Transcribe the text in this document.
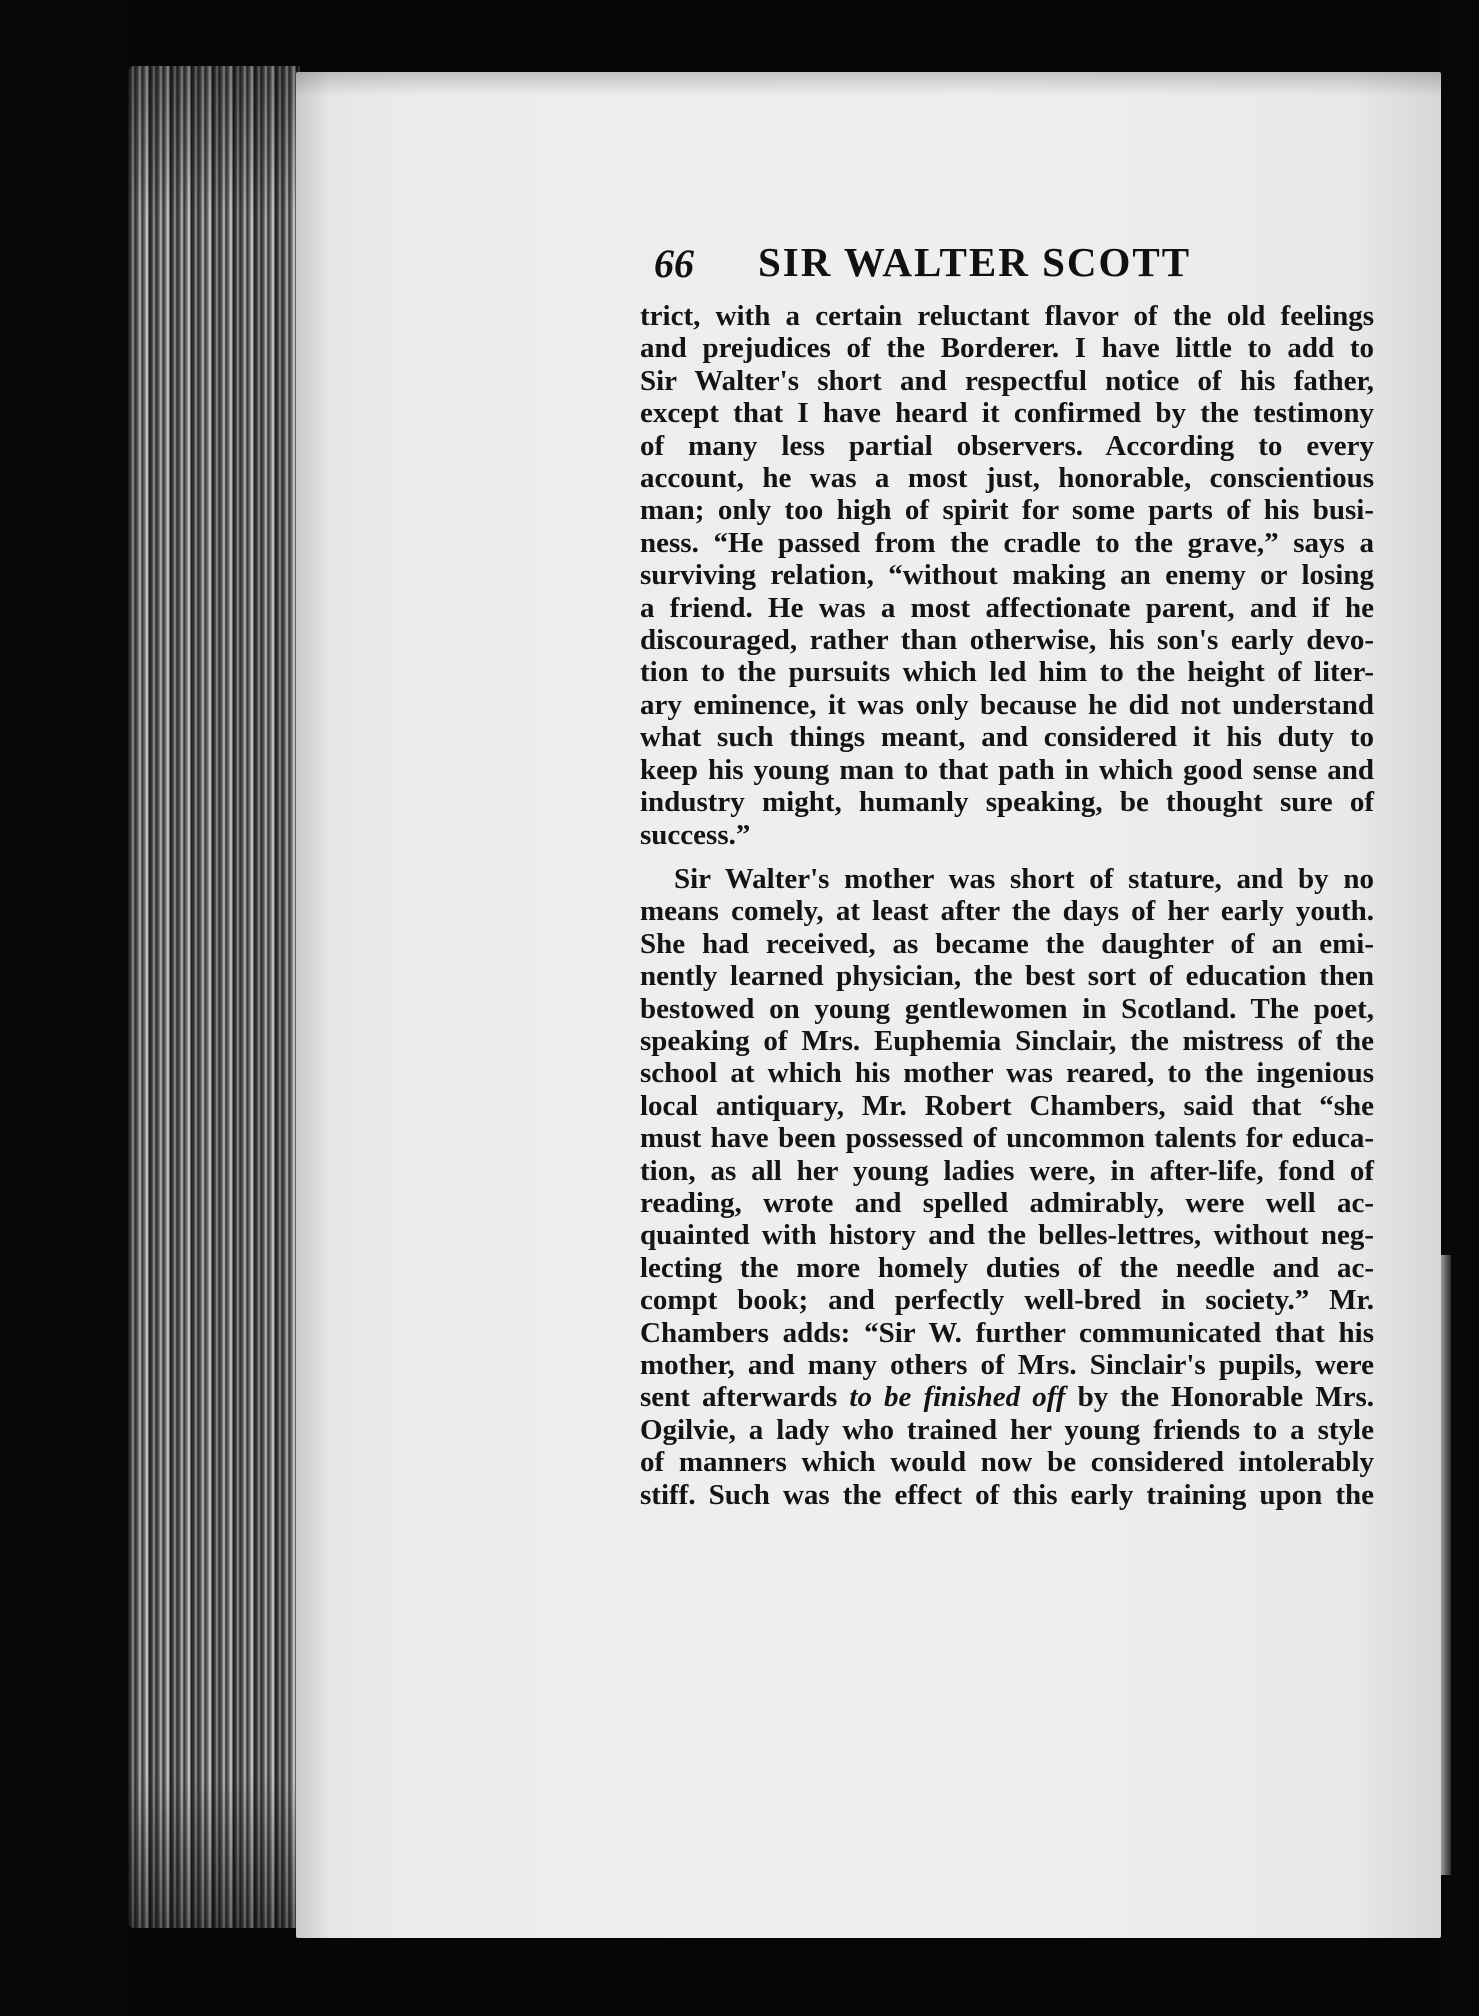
66 SIR WALTER SCOTT

trict, with a certain reluctant flavor of the old feelings
and prejudices of the Borderer. I have little to add to
Sir Walter's short and respectful notice of his father,
except that I have heard it confirmed by the testimony
of many less partial observers. According to every
account, he was a most just, honorable, conscientious
man; only too high of spirit for some parts of his busi-
ness. “He passed from the cradle to the grave,” says a
surviving relation, “without making an enemy or losing
a friend. He was a most affectionate parent, and if he
discouraged, rather than otherwise, his son's early devo-
tion to the pursuits which led him to the height of liter-
ary eminence, it was only because he did not understand
what such things meant, and considered it his duty to
keep his young man to that path in which good sense and
industry might, humanly speaking, be thought sure of
success.”

Sir Walter's mother was short of stature, and by no
means comely, at least after the days of her early youth.
She had received, as became the daughter of an emi-
nently learned physician, the best sort of education then
bestowed on young gentlewomen in Scotland. The poet,
speaking of Mrs. Euphemia Sinclair, the mistress of the
school at which his mother was reared, to the ingenious
local antiquary, Mr. Robert Chambers, said that “she
must have been possessed of uncommon talents for educa-
tion, as all her young ladies were, in after-life, fond of
reading, wrote and spelled admirably, were well ac-
quainted with history and the belles-lettres, without neg-
lecting the more homely duties of the needle and ac-
compt book; and perfectly well-bred in society.” Mr.
Chambers adds: “Sir W. further communicated that his
mother, and many others of Mrs. Sinclair's pupils, were
sent afterwards to be finished off by the Honorable Mrs.
Ogilvie, a lady who trained her young friends to a style
of manners which would now be considered intolerably
stiff. Such was the effect of this early training upon the
